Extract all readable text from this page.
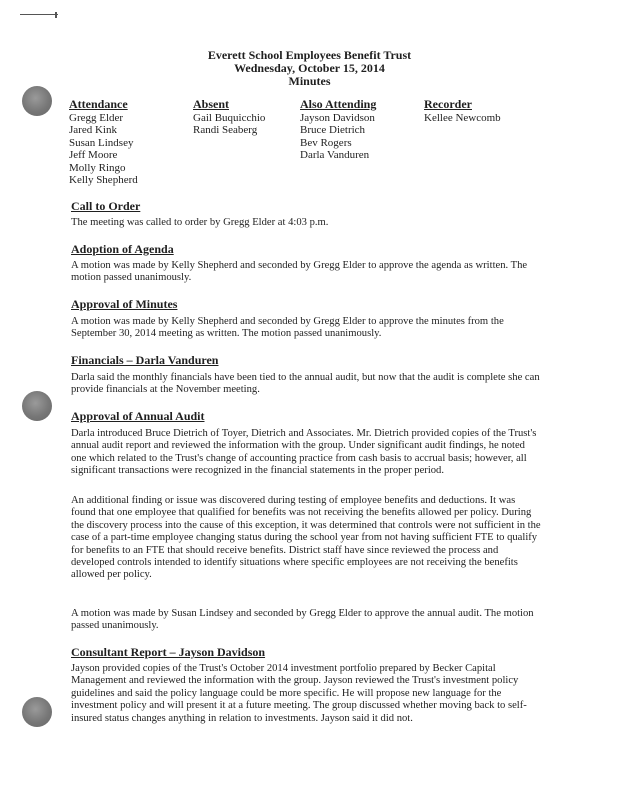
Everett School Employees Benefit Trust
Wednesday, October 15, 2014
Minutes
Attendance
Gregg Elder
Jared Kink
Susan Lindsey
Jeff Moore
Molly Ringo
Kelly Shepherd
Absent
Gail Buquicchio
Randi Seaberg
Also Attending
Jayson Davidson
Bruce Dietrich
Bev Rogers
Darla Vanduren
Recorder
Kellee Newcomb
Call to Order
The meeting was called to order by Gregg Elder at 4:03 p.m.
Adoption of Agenda
A motion was made by Kelly Shepherd and seconded by Gregg Elder to approve the agenda as written. The motion passed unanimously.
Approval of Minutes
A motion was made by Kelly Shepherd and seconded by Gregg Elder to approve the minutes from the September 30, 2014 meeting as written. The motion passed unanimously.
Financials – Darla Vanduren
Darla said the monthly financials have been tied to the annual audit, but now that the audit is complete she can provide financials at the November meeting.
Approval of Annual Audit
Darla introduced Bruce Dietrich of Toyer, Dietrich and Associates. Mr. Dietrich provided copies of the Trust's annual audit report and reviewed the information with the group. Under significant audit findings, he noted one which related to the Trust's change of accounting practice from cash basis to accrual basis; however, all significant transactions were recognized in the financial statements in the proper period.
An additional finding or issue was discovered during testing of employee benefits and deductions. It was found that one employee that qualified for benefits was not receiving the benefits allowed per policy. During the discovery process into the cause of this exception, it was determined that controls were not sufficient in the case of a part-time employee changing status during the school year from not having sufficient FTE to qualify for benefits to an FTE that should receive benefits. District staff have since reviewed the process and developed controls intended to identify situations where specific employees are not receiving the benefits allowed per policy.
A motion was made by Susan Lindsey and seconded by Gregg Elder to approve the annual audit. The motion passed unanimously.
Consultant Report – Jayson Davidson
Jayson provided copies of the Trust's October 2014 investment portfolio prepared by Becker Capital Management and reviewed the information with the group. Jayson reviewed the Trust's investment policy guidelines and said the policy language could be more specific. He will propose new language for the investment policy and will present it at a future meeting. The group discussed whether moving back to self-insured status changes anything in relation to investments. Jayson said it did not.
